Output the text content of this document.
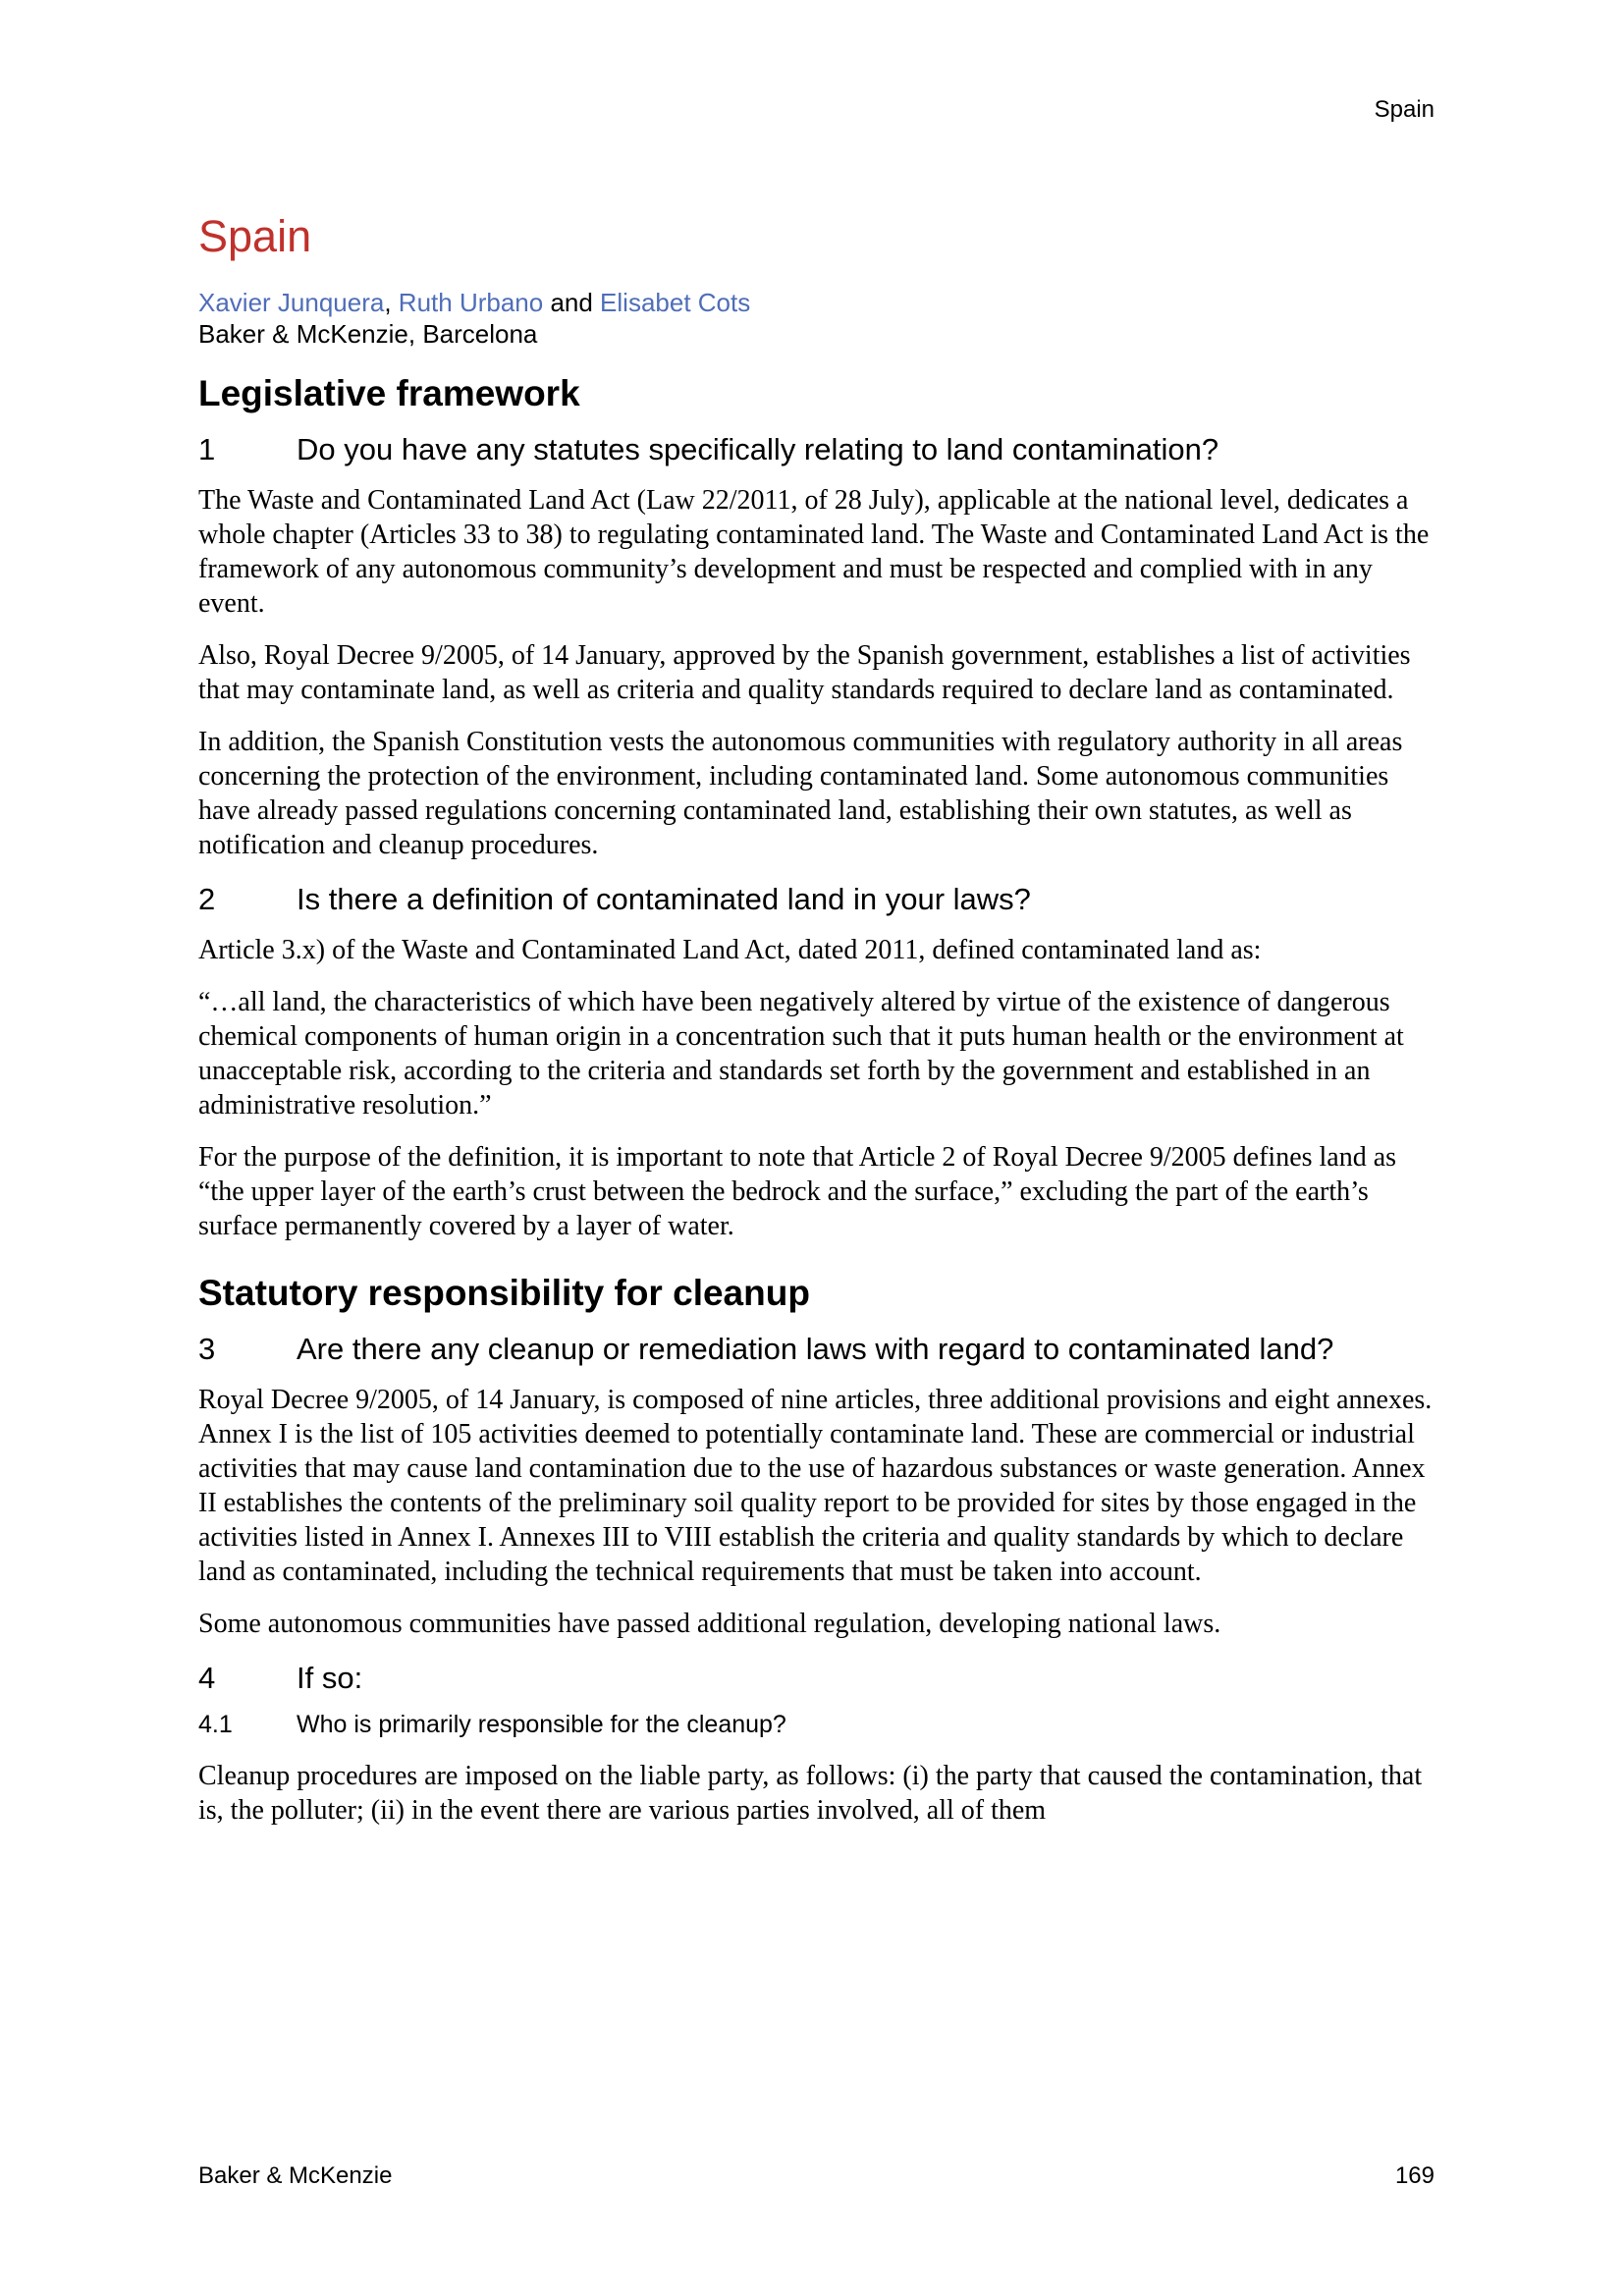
Spain
Spain
Xavier Junquera, Ruth Urbano and Elisabet Cots
Baker & McKenzie, Barcelona
Legislative framework
1	Do you have any statutes specifically relating to land contamination?

The Waste and Contaminated Land Act (Law 22/2011, of 28 July), applicable at the national level, dedicates a whole chapter (Articles 33 to 38) to regulating contaminated land. The Waste and Contaminated Land Act is the framework of any autonomous community’s development and must be respected and complied with in any event.

Also, Royal Decree 9/2005, of 14 January, approved by the Spanish government, establishes a list of activities that may contaminate land, as well as criteria and quality standards required to declare land as contaminated.

In addition, the Spanish Constitution vests the autonomous communities with regulatory authority in all areas concerning the protection of the environment, including contaminated land. Some autonomous communities have already passed regulations concerning contaminated land, establishing their own statutes, as well as notification and cleanup procedures.

2	Is there a definition of contaminated land in your laws?

Article 3.x) of the Waste and Contaminated Land Act, dated 2011, defined contaminated land as:

“…all land, the characteristics of which have been negatively altered by virtue of the existence of dangerous chemical components of human origin in a concentration such that it puts human health or the environment at unacceptable risk, according to the criteria and standards set forth by the government and established in an administrative resolution.”

For the purpose of the definition, it is important to note that Article 2 of Royal Decree 9/2005 defines land as “the upper layer of the earth’s crust between the bedrock and the surface,” excluding the part of the earth’s surface permanently covered by a layer of water.

Statutory responsibility for cleanup
3	Are there any cleanup or remediation laws with regard to contaminated land?

Royal Decree 9/2005, of 14 January, is composed of nine articles, three additional provisions and eight annexes. Annex I is the list of 105 activities deemed to potentially contaminate land. These are commercial or industrial activities that may cause land contamination due to the use of hazardous substances or waste generation. Annex II establishes the contents of the preliminary soil quality report to be provided for sites by those engaged in the activities listed in Annex I. Annexes III to VIII establish the criteria and quality standards by which to declare land as contaminated, including the technical requirements that must be taken into account.

Some autonomous communities have passed additional regulation, developing national laws.

4	If so:
4.1	Who is primarily responsible for the cleanup?

Cleanup procedures are imposed on the liable party, as follows: (i) the party that caused the contamination, that is, the polluter; (ii) in the event there are various parties involved, all of them

Baker & McKenzie	169
